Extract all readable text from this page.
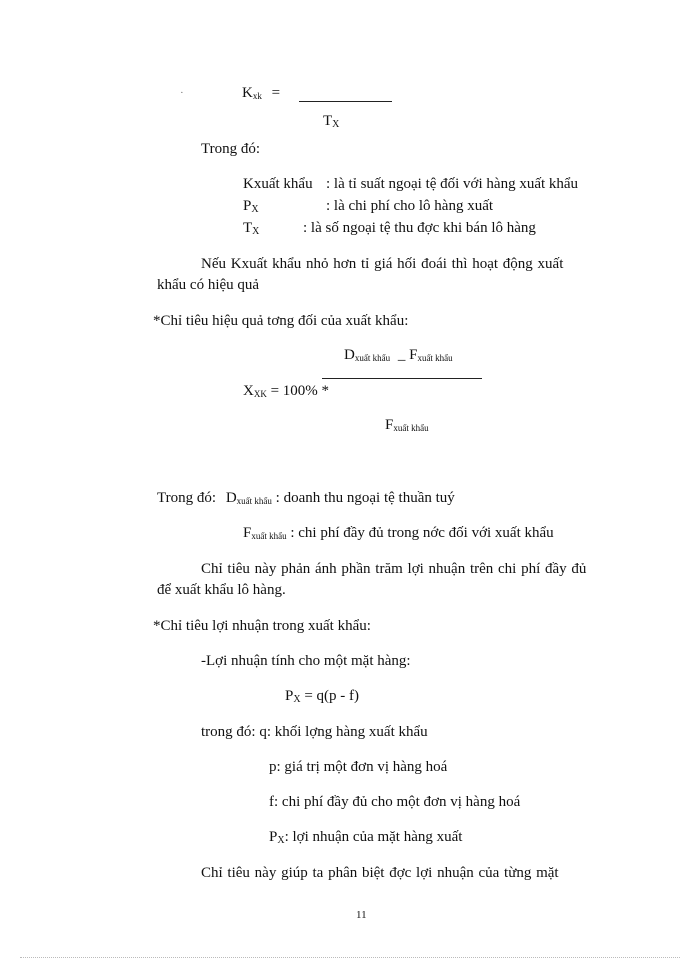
·	Kxk =
TX
Trong đó:
Kxuất khẩu : là tỉ suất ngoại tệ đối với hàng xuất khẩu
PX	: là chi phí cho lô hàng xuất
TX	: là số ngoại tệ thu đợc khi bán lô hàng
Nếu Kxuất khẩu nhỏ hơn tỉ giá hối đoái thì hoạt động xuất
khẩu có hiệu quả
*Chỉ tiêu hiệu quả tơng đối của xuất khẩu:
Dxuất khẩu _ Fxuất khẩu
XXK = 100% *
Fxuất khẩu
Trong đó: Dxuất khẩu : doanh thu ngoại tệ thuần tuý
Fxuất khẩu : chi phí đầy đủ trong nớc đối với xuất khẩu
Chỉ tiêu này phản ánh phần trăm lợi nhuận trên chi phí đầy đủ
để xuất khẩu lô hàng.
*Chỉ tiêu lợi nhuận trong xuất khẩu:
-Lợi nhuận tính cho một mặt hàng:
PX = q(p - f)
trong đó: q: khối lợng hàng xuất khẩu
p: giá trị một đơn vị hàng hoá
f: chi phí đầy đủ cho một đơn vị hàng hoá
PX: lợi nhuận của mặt hàng xuất
Chỉ tiêu này giúp ta phân biệt đợc lợi nhuận của từng mặt
11
